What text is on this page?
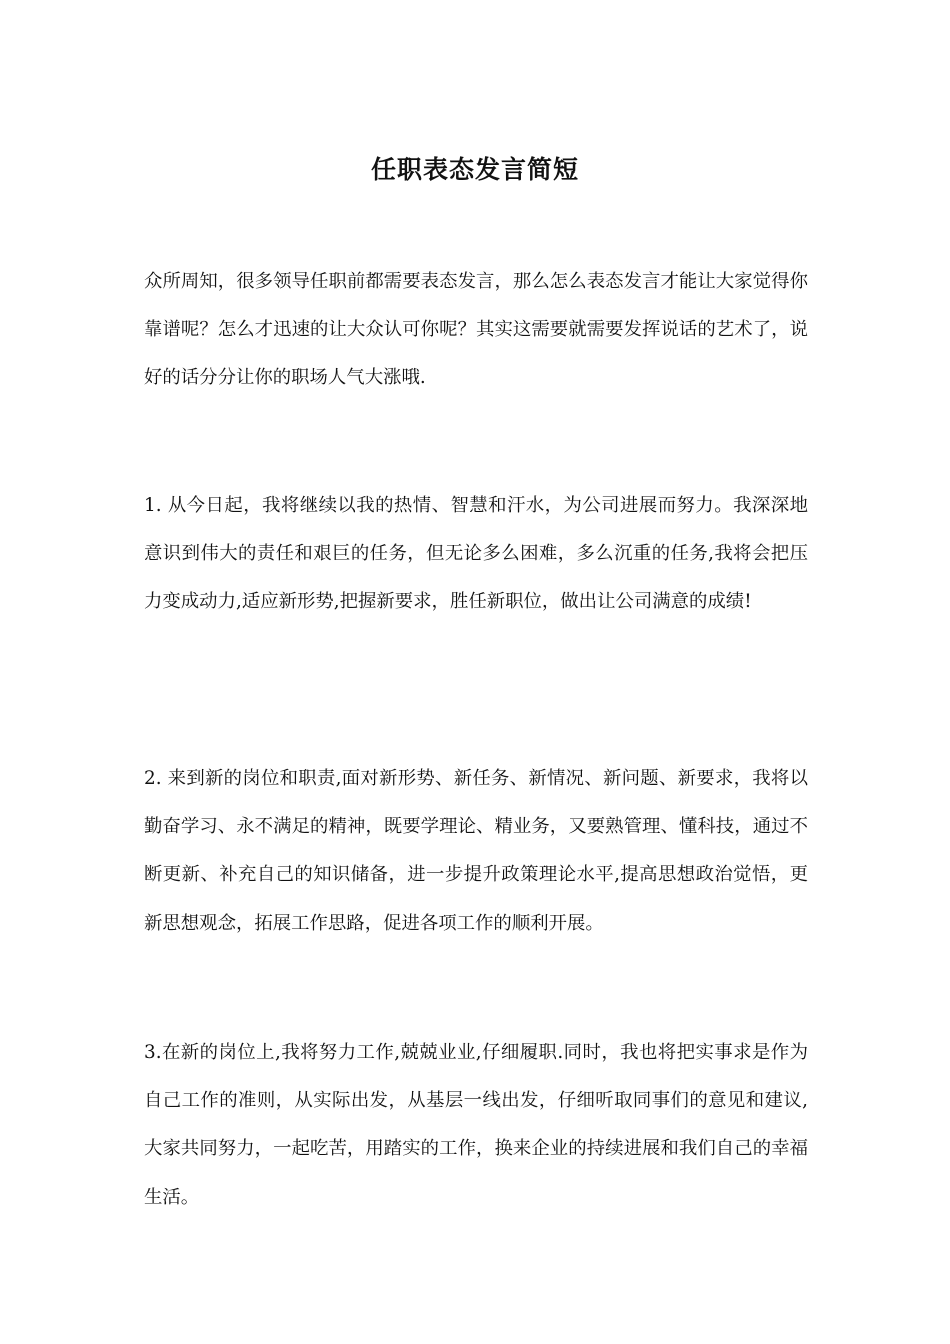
任职表态发言简短

众所周知，很多领导任职前都需要表态发言，那么怎么表态发言才能让大家觉得你靠谱呢？怎么才迅速的让大众认可你呢？其实这需要就需要发挥说话的艺术了，说好的话分分让你的职场人气大涨哦.

1. 从今日起，我将继续以我的热情、智慧和汗水，为公司进展而努力。我深深地意识到伟大的责任和艰巨的任务，但无论多么困难，多么沉重的任务,我将会把压力变成动力,适应新形势,把握新要求，胜任新职位，做出让公司满意的成绩!

2. 来到新的岗位和职责,面对新形势、新任务、新情况、新问题、新要求，我将以勤奋学习、永不满足的精神，既要学理论、精业务，又要熟管理、懂科技，通过不断更新、补充自己的知识储备，进一步提升政策理论水平,提高思想政治觉悟，更新思想观念，拓展工作思路，促进各项工作的顺利开展。

3.在新的岗位上,我将努力工作,兢兢业业,仔细履职.同时，我也将把实事求是作为自己工作的准则，从实际出发，从基层一线出发，仔细听取同事们的意见和建议,大家共同努力，一起吃苦，用踏实的工作，换来企业的持续进展和我们自己的幸福生活。
